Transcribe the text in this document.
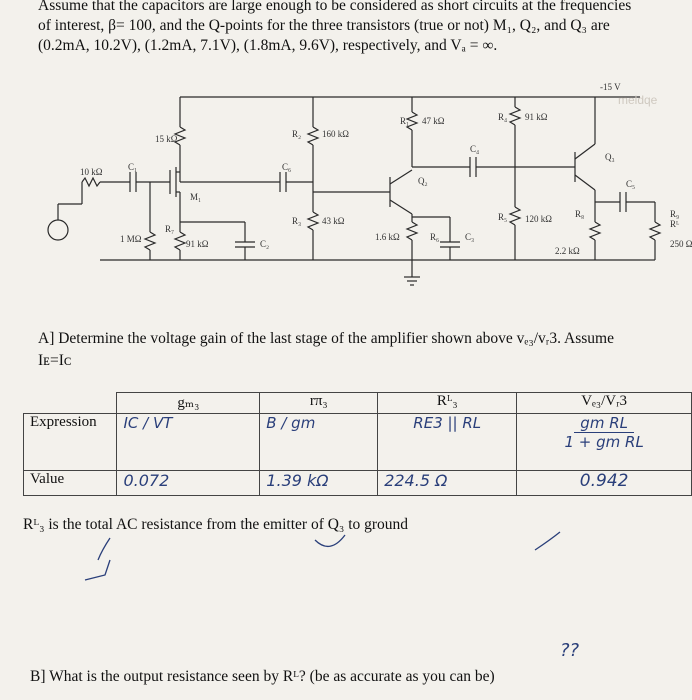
Assume that the capacitors are large enough to be considered as short circuits at the frequencies
of interest, β= 100, and the Q-points for the three transistors (true or not) M₁, Q₂, and Q₃ are
(0.2mA, 10.2V), (1.2mA, 7.1V), (1.8mA, 9.6V), respectively, and Vₐ = ∞.
-15 V
meldqe
15 kΩ	160 kΩ
47 kΩ	91 kΩ
10 kΩ
1 MΩ	91 kΩ
43 kΩ
1.6 kΩ
120 kΩ
2.2 kΩ
250 Ω
R₁
R₂
R₃
R₄
R₅
R₆
R₇
R₈	R₉
C₁
C₂
C₃
C₄
C₅
C₆
M₁
Q₂
Q₃
Rᴸ
A] Determine the voltage gain of the last stage of the amplifier shown above vₑ₃/vᵣ3. Assume
Iᴇ=Iᴄ
	gₘ₃	rπ₃	Rᴸ₃	Vₑ₃/Vᵣ3
Expression	IC / VT	B / gm	RE3 || RL	gm RL
1 + gm RL

Value	0.072	1.39 kΩ	224.5 Ω	0.942
Rᴸ₃ is the total AC resistance from the emitter of Q₃ to ground
??
B] What is the output resistance seen by Rᴸ? (be as accurate as you can be)
